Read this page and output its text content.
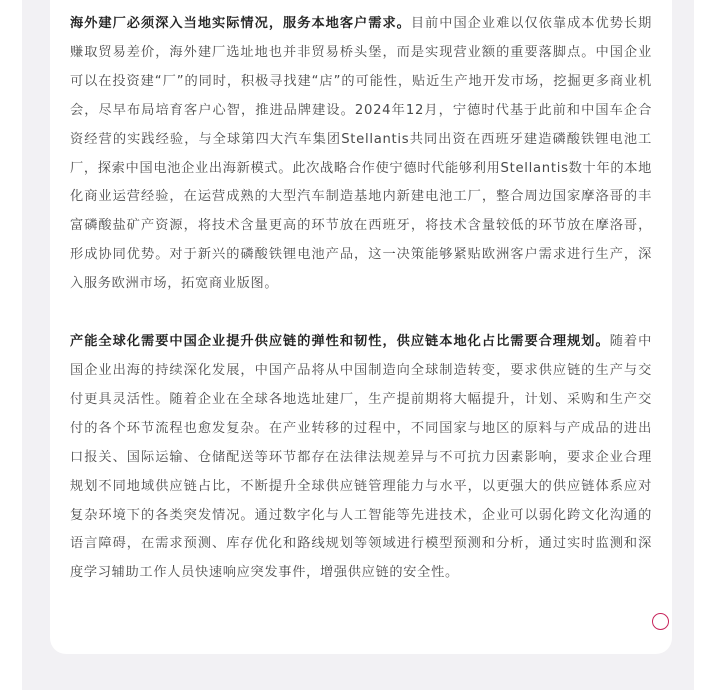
海外建厂必须深入当地实际情况，服务本地客户需求。目前中国企业难以仅依靠成本优势长期赚取贸易差价，海外建厂选址地也并非贸易桥头堡，而是实现营业额的重要落脚点。中国企业可以在投资建“厂”的同时，积极寻找建“店”的可能性，贴近生产地开发市场，挖掘更多商业机会，尽早布局培育客户心智，推进品牌建设。2024年12月，宁德时代基于此前和中国车企合资经营的实践经验，与全球第四大汽车集团Stellantis共同出资在西班牙建造磷酸铁锂电池工厂，探索中国电池企业出海新模式。此次战略合作使宁德时代能够利用Stellantis数十年的本地化商业运营经验，在运营成熟的大型汽车制造基地内新建电池工厂，整合周边国家摩洛哥的丰富磷酸盐矿产资源，将技术含量更高的环节放在西班牙，将技术含量较低的环节放在摩洛哥，形成协同优势。对于新兴的磷酸铁锂电池产品，这一决策能够紧贴欧洲客户需求进行生产，深入服务欧洲市场，拓宽商业版图。

产能全球化需要中国企业提升供应链的弹性和韧性，供应链本地化占比需要合理规划。随着中国企业出海的持续深化发展，中国产品将从中国制造向全球制造转变，要求供应链的生产与交付更具灵活性。随着企业在全球各地选址建厂，生产提前期将大幅提升，计划、采购和生产交付的各个环节流程也愈发复杂。在产业转移的过程中，不同国家与地区的原料与产成品的进出口报关、国际运输、仓储配送等环节都存在法律法规差异与不可抗力因素影响，要求企业合理规划不同地域供应链占比，不断提升全球供应链管理能力与水平，以更强大的供应链体系应对复杂环境下的各类突发情况。通过数字化与人工智能等先进技术，企业可以弱化跨文化沟通的语言障碍，在需求预测、库存优化和路线规划等领域进行模型预测和分析，通过实时监测和深度学习辅助工作人员快速响应突发事件，增强供应链的安全性。
